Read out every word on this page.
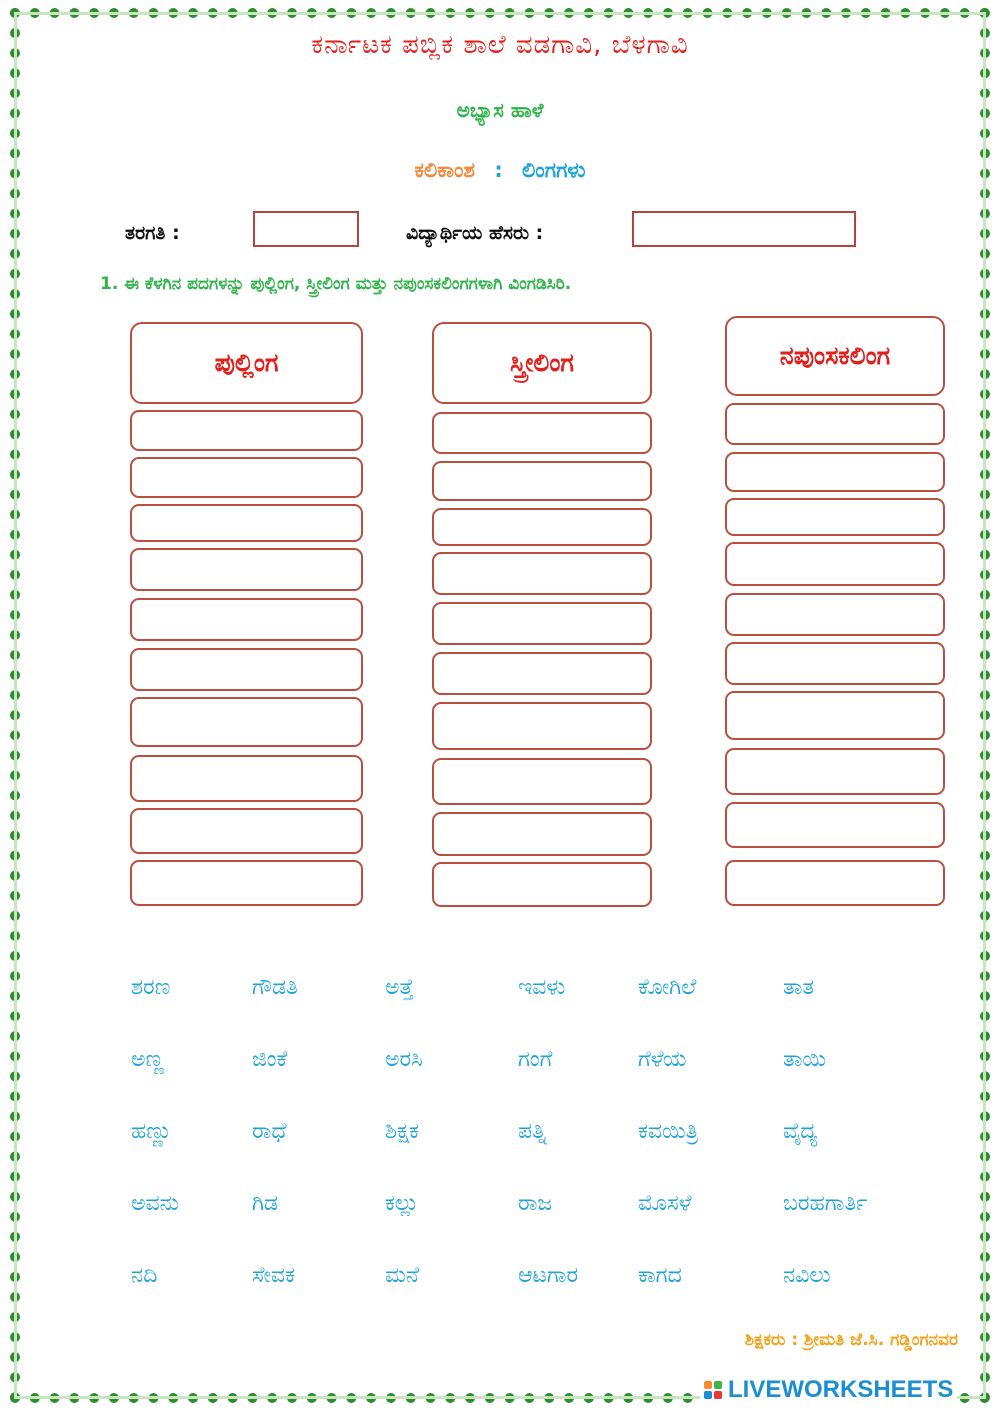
ಕರ್ನಾಟಕ ಪಬ್ಲಿಕ ಶಾಲೆ ವಡಗಾವಿ, ಬೆಳಗಾವಿ
ಅಭ್ಯಾಸ ಹಾಳೆ
ಕಲಿಕಾಂಶ : ಲಿಂಗಗಳು
ತರಗತಿ :	ವಿದ್ಯಾರ್ಥಿಯ ಹೆಸರು :
1. ಈ ಕೆಳಗಿನ ಪದಗಳನ್ನು ಪುಲ್ಲಿಂಗ, ಸ್ತ್ರೀಲಿಂಗ ಮತ್ತು ನಪುಂಸಕಲಿಂಗಗಳಾಗಿ ವಿಂಗಡಿಸಿರಿ.
ಪುಲ್ಲಿಂಗ	ಸ್ತ್ರೀಲಿಂಗ	ನಪುಂಸಕಲಿಂಗ
ಶರಣ	ಗೌಡತಿ	ಅತ್ತೆ	ಇವಳು	ಕೋಗಿಲೆ	ತಾತ
ಅಣ್ಣ	ಜಿಂಕೆ	ಅರಸಿ	ಗಂಗೆ	ಗೆಳೆಯ	ತಾಯಿ
ಹಣ್ಣು	ರಾಧೆ	ಶಿಕ್ಷಕ	ಪತ್ನಿ	ಕವಯಿತ್ರಿ	ವೈದ್ಯ
ಅವನು	ಗಿಡ	ಕಲ್ಲು	ರಾಜ	ಮೊಸಳೆ	ಬರಹಗಾರ್ತಿ
ನದಿ	ಸೇವಕ	ಮನೆ	ಆಟಗಾರ	ಕಾಗದ	ನವಿಲು
ಶಿಕ್ಷಕರು : ಶ್ರೀಮತಿ ಜೆ.ಸಿ. ಗಡ್ಡಿಂಗನವರ
LIVEWORKSHEETS
